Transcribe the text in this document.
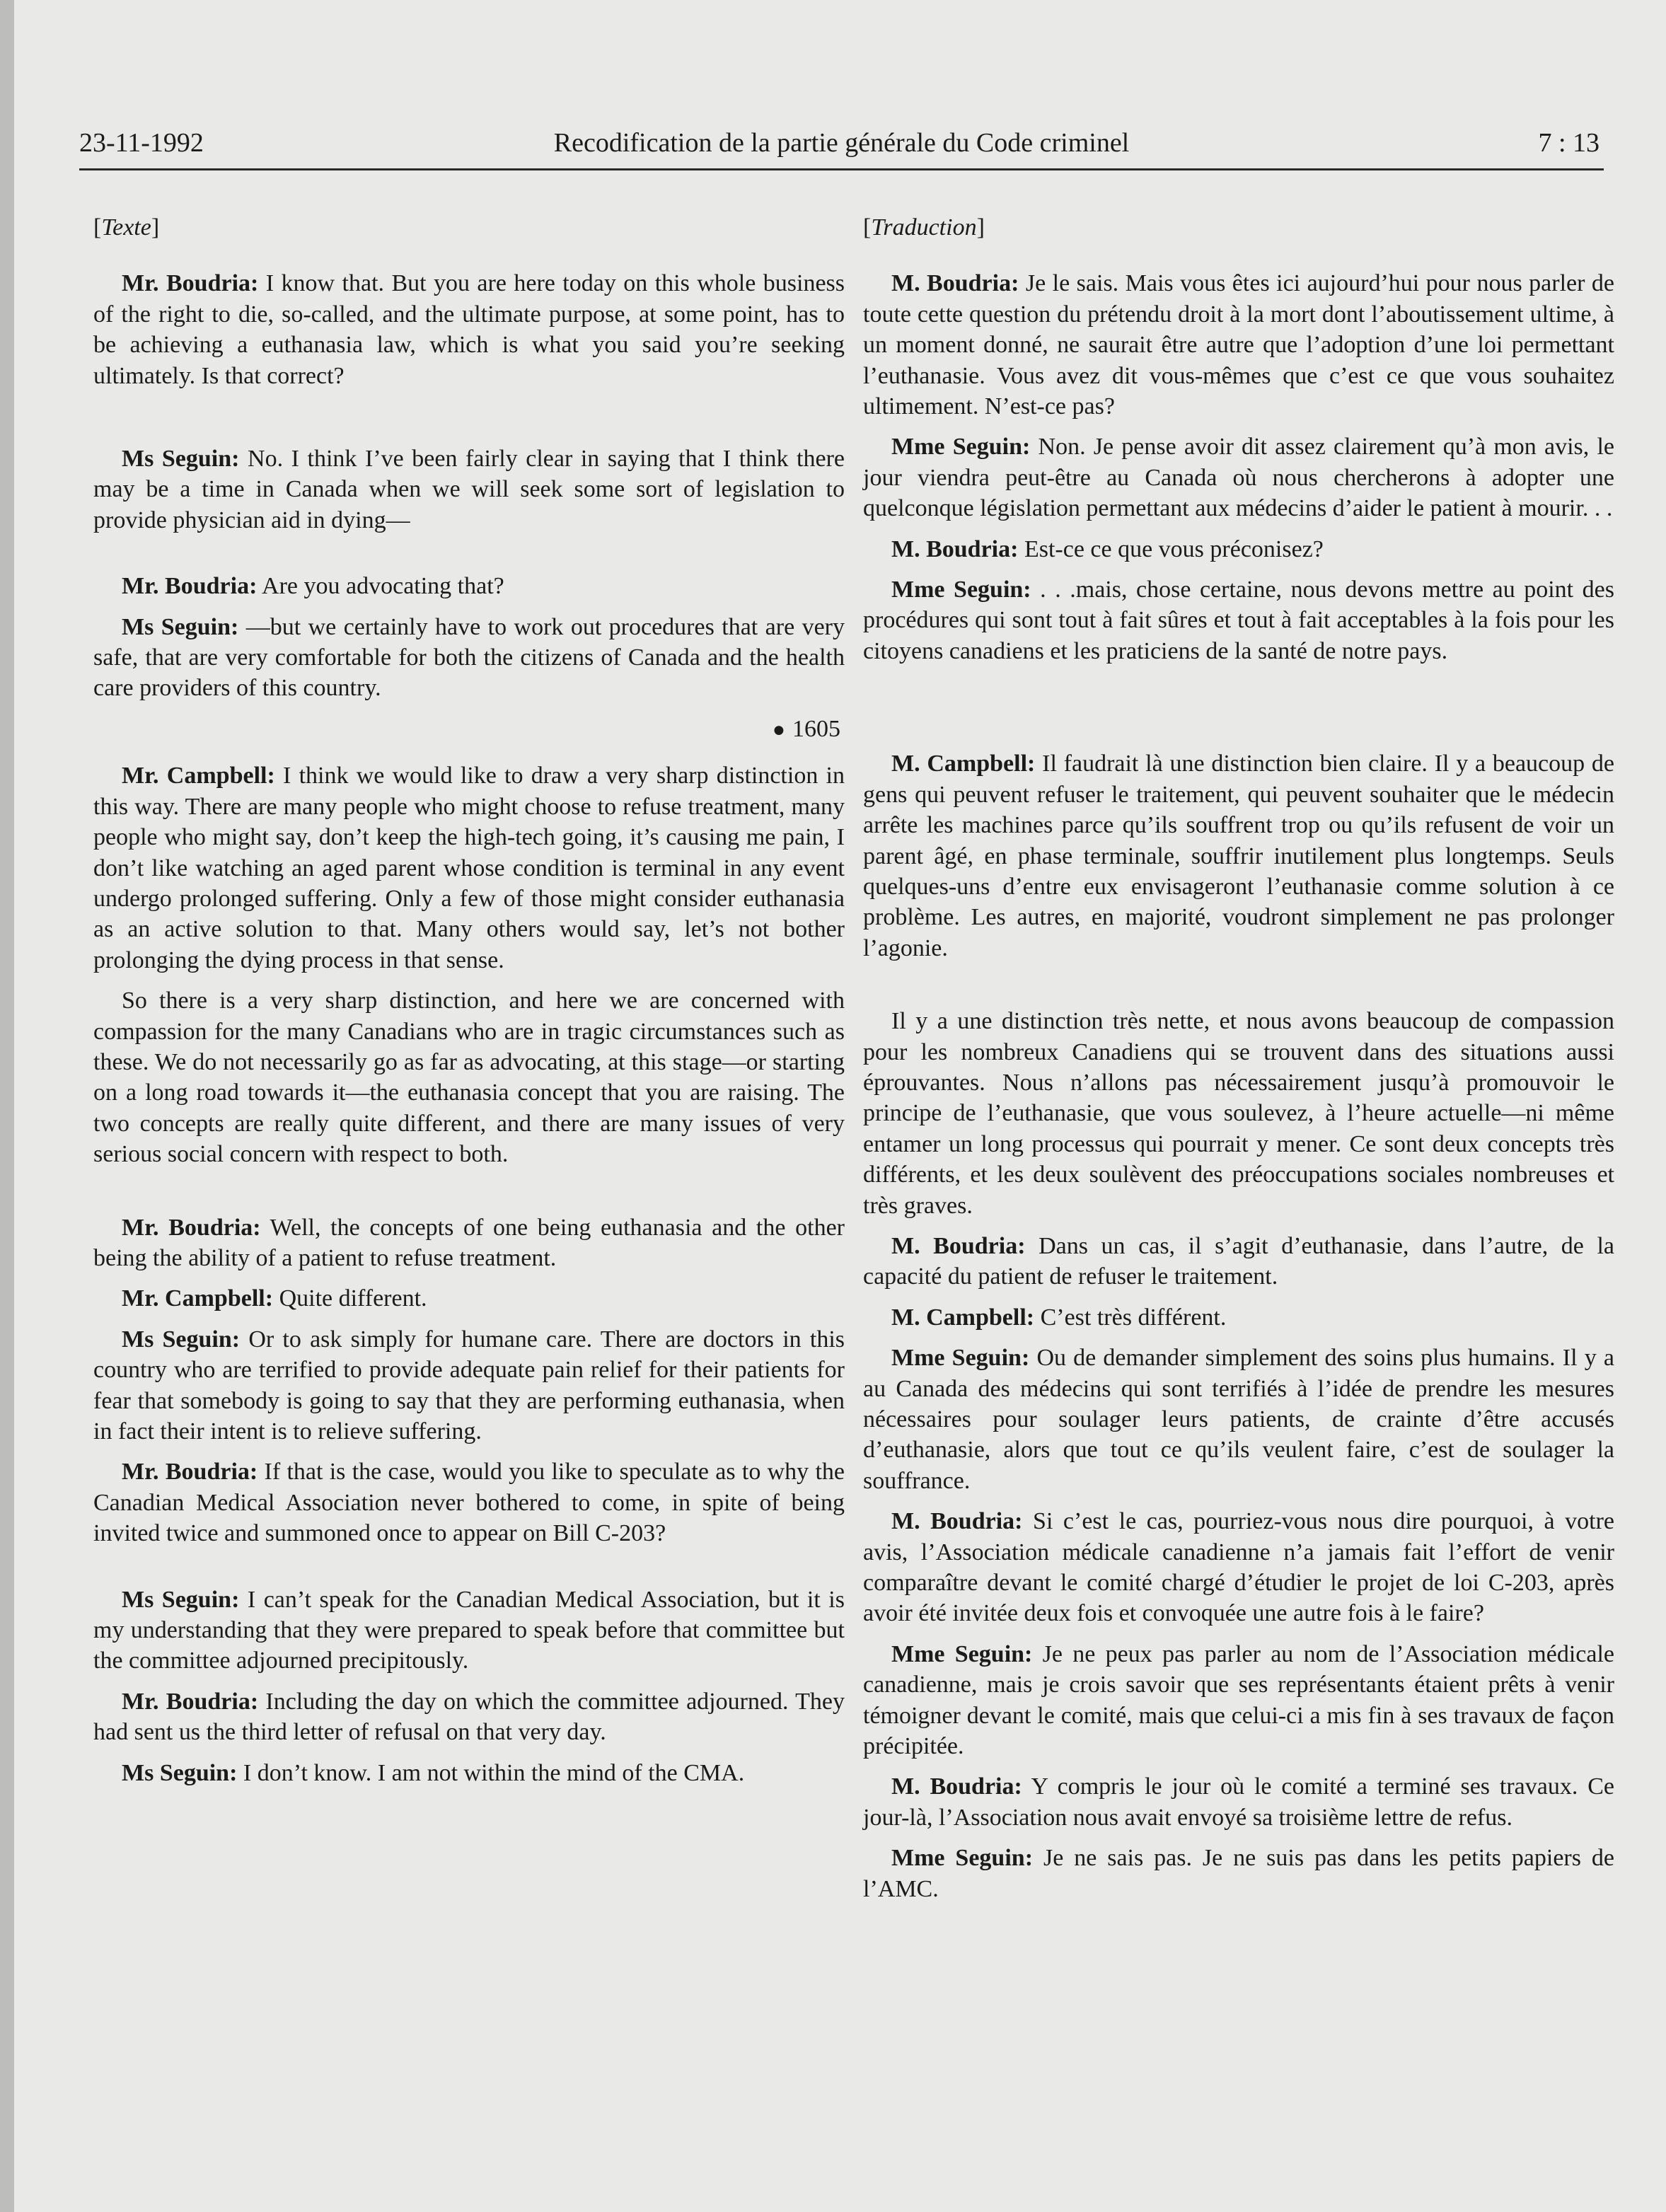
23-11-1992	Recodification de la partie générale du Code criminel	7 : 13
[Texte]

Mr. Boudria: I know that. But you are here today on this whole business of the right to die, so-called, and the ultimate purpose, at some point, has to be achieving a euthanasia law, which is what you said you’re seeking ultimately. Is that correct?

Ms Seguin: No. I think I’ve been fairly clear in saying that I think there may be a time in Canada when we will seek some sort of legislation to provide physician aid in dying—

Mr. Boudria: Are you advocating that?

Ms Seguin: —but we certainly have to work out procedures that are very safe, that are very comfortable for both the citizens of Canada and the health care providers of this country.

● 1605

Mr. Campbell: I think we would like to draw a very sharp distinction in this way. There are many people who might choose to refuse treatment, many people who might say, don’t keep the high-tech going, it’s causing me pain, I don’t like watching an aged parent whose condition is terminal in any event undergo prolonged suffering. Only a few of those might consider euthanasia as an active solution to that. Many others would say, let’s not bother prolonging the dying process in that sense.

So there is a very sharp distinction, and here we are concerned with compassion for the many Canadians who are in tragic circumstances such as these. We do not necessarily go as far as advocating, at this stage—or starting on a long road towards it—the euthanasia concept that you are raising. The two concepts are really quite different, and there are many issues of very serious social concern with respect to both.

Mr. Boudria: Well, the concepts of one being euthanasia and the other being the ability of a patient to refuse treatment.

Mr. Campbell: Quite different.

Ms Seguin: Or to ask simply for humane care. There are doctors in this country who are terrified to provide adequate pain relief for their patients for fear that somebody is going to say that they are performing euthanasia, when in fact their intent is to relieve suffering.

Mr. Boudria: If that is the case, would you like to speculate as to why the Canadian Medical Association never bothered to come, in spite of being invited twice and summoned once to appear on Bill C-203?

Ms Seguin: I can’t speak for the Canadian Medical Association, but it is my understanding that they were prepared to speak before that committee but the committee adjourned precipitously.

Mr. Boudria: Including the day on which the committee adjourned. They had sent us the third letter of refusal on that very day.

Ms Seguin: I don’t know. I am not within the mind of the CMA.

[Traduction]

M. Boudria: Je le sais. Mais vous êtes ici aujourd’hui pour nous parler de toute cette question du prétendu droit à la mort dont l’aboutissement ultime, à un moment donné, ne saurait être autre que l’adoption d’une loi permettant l’euthanasie. Vous avez dit vous-mêmes que c’est ce que vous souhaitez ultimement. N’est-ce pas?

Mme Seguin: Non. Je pense avoir dit assez clairement qu’à mon avis, le jour viendra peut-être au Canada où nous chercherons à adopter une quelconque législation permettant aux médecins d’aider le patient à mourir. . .

M. Boudria: Est-ce ce que vous préconisez?

Mme Seguin: . . .mais, chose certaine, nous devons mettre au point des procédures qui sont tout à fait sûres et tout à fait acceptables à la fois pour les citoyens canadiens et les praticiens de la santé de notre pays.

M. Campbell: Il faudrait là une distinction bien claire. Il y a beaucoup de gens qui peuvent refuser le traitement, qui peuvent souhaiter que le médecin arrête les machines parce qu’ils souffrent trop ou qu’ils refusent de voir un parent âgé, en phase terminale, souffrir inutilement plus longtemps. Seuls quelques-uns d’entre eux envisageront l’euthanasie comme solution à ce problème. Les autres, en majorité, voudront simplement ne pas prolonger l’agonie.

Il y a une distinction très nette, et nous avons beaucoup de compassion pour les nombreux Canadiens qui se trouvent dans des situations aussi éprouvantes. Nous n’allons pas nécessairement jusqu’à promouvoir le principe de l’euthanasie, que vous soulevez, à l’heure actuelle—ni même entamer un long processus qui pourrait y mener. Ce sont deux concepts très différents, et les deux soulèvent des préoccupations sociales nombreuses et très graves.

M. Boudria: Dans un cas, il s’agit d’euthanasie, dans l’autre, de la capacité du patient de refuser le traitement.

M. Campbell: C’est très différent.

Mme Seguin: Ou de demander simplement des soins plus humains. Il y a au Canada des médecins qui sont terrifiés à l’idée de prendre les mesures nécessaires pour soulager leurs patients, de crainte d’être accusés d’euthanasie, alors que tout ce qu’ils veulent faire, c’est de soulager la souffrance.

M. Boudria: Si c’est le cas, pourriez-vous nous dire pourquoi, à votre avis, l’Association médicale canadienne n’a jamais fait l’effort de venir comparaître devant le comité chargé d’étudier le projet de loi C-203, après avoir été invitée deux fois et convoquée une autre fois à le faire?

Mme Seguin: Je ne peux pas parler au nom de l’Association médicale canadienne, mais je crois savoir que ses représentants étaient prêts à venir témoigner devant le comité, mais que celui-ci a mis fin à ses travaux de façon précipitée.

M. Boudria: Y compris le jour où le comité a terminé ses travaux. Ce jour-là, l’Association nous avait envoyé sa troisième lettre de refus.

Mme Seguin: Je ne sais pas. Je ne suis pas dans les petits papiers de l’AMC.
